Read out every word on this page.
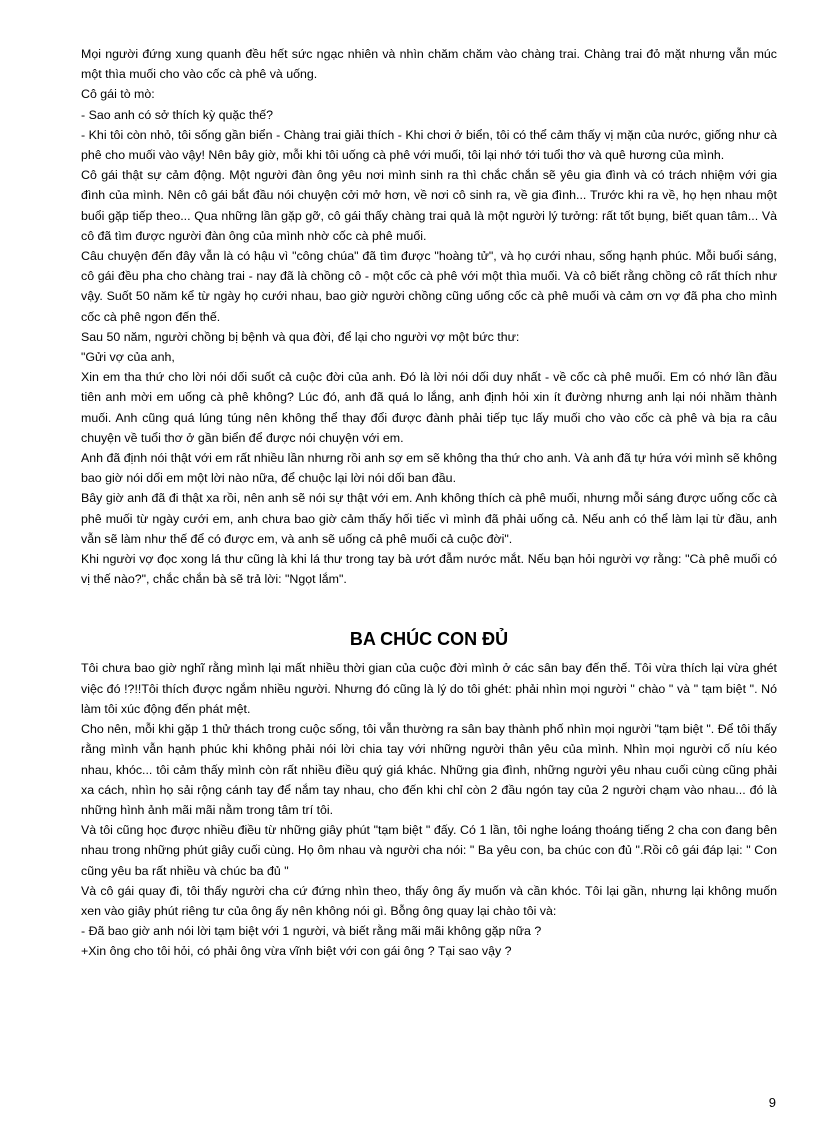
Mọi người đứng xung quanh đều hết sức ngạc nhiên và nhìn chăm chăm vào chàng trai. Chàng trai đỏ mặt nhưng vẫn múc một thìa muối cho vào cốc cà phê và uống.

Cô gái tò mò:

- Sao anh có sở thích kỳ quặc thế?

- Khi tôi còn nhỏ, tôi sống gần biển - Chàng trai giải thích - Khi chơi ở biển, tôi có thể cảm thấy vị mặn của nước, giống như cà phê cho muối vào vậy! Nên bây giờ, mỗi khi tôi uống cà phê với muối, tôi lại nhớ tới tuổi thơ và quê hương của mình.

Cô gái thật sự cảm động. Một người đàn ông yêu nơi mình sinh ra thì chắc chắn sẽ yêu gia đình và có trách nhiệm với gia đình của mình. Nên cô gái bắt đầu nói chuyện cởi mở hơn, về nơi cô sinh ra, về gia đình... Trước khi ra về, họ hẹn nhau một buổi gặp tiếp theo... Qua những lần gặp gỡ, cô gái thấy chàng trai quả là một người lý tưởng: rất tốt bụng, biết quan tâm... Và cô đã tìm được người đàn ông của mình nhờ cốc cà phê muối.

Câu chuyện đến đây vẫn là có hậu vì "công chúa" đã tìm được "hoàng tử", và họ cưới nhau, sống hạnh phúc. Mỗi buổi sáng, cô gái đều pha cho chàng trai - nay đã là chồng cô - một cốc cà phê với một thìa muối. Và cô biết rằng chồng cô rất thích như vậy. Suốt 50 năm kể từ ngày họ cưới nhau, bao giờ người chồng cũng uống cốc cà phê muối và cảm ơn vợ đã pha cho mình cốc cà phê ngon đến thế.

Sau 50 năm, người chồng bị bệnh và qua đời, để lại cho người vợ một bức thư:

"Gửi vợ của anh,

Xin em tha thứ cho lời nói dối suốt cả cuộc đời của anh. Đó là lời nói dối duy nhất - về cốc cà phê muối. Em có nhớ lần đầu tiên anh mời em uống cà phê không? Lúc đó, anh đã quá lo lắng, anh định hỏi xin ít đường nhưng anh lại nói nhầm thành muối. Anh cũng quá lúng túng nên không thể thay đổi được đành phải tiếp tục lấy muối cho vào cốc cà phê và bịa ra câu chuyện về tuổi thơ ở gần biển để được nói chuyện với em.

Anh đã định nói thật với em rất nhiều lần nhưng rồi anh sợ em sẽ không tha thứ cho anh. Và anh đã tự hứa với mình sẽ không bao giờ nói dối em một lời nào nữa, để chuộc lại lời nói dối ban đầu.

Bây giờ anh đã đi thật xa rồi, nên anh sẽ nói sự thật với em. Anh không thích cà phê muối, nhưng mỗi sáng được uống cốc cà phê muối từ ngày cưới em, anh chưa bao giờ cảm thấy hối tiếc vì mình đã phải uống cả. Nếu anh có thể làm lại từ đầu, anh vẫn sẽ làm như thế để có được em, và anh sẽ uống cả phê muối cả cuộc đời".

Khi người vợ đọc xong lá thư cũng là khi lá thư trong tay bà ướt đẫm nước mắt. Nếu bạn hỏi người vợ rằng: "Cà phê muối có vị thế nào?", chắc chắn bà sẽ trả lời: "Ngọt lắm".

BA CHÚC CON ĐỦ

Tôi chưa bao giờ nghĩ rằng mình lại mất nhiều thời gian của cuộc đời mình ở các sân bay đến thế. Tôi vừa thích lại vừa ghét việc đó !?!!Tôi thích được ngắm nhiều người. Nhưng đó cũng là lý do tôi ghét: phải nhìn mọi người " chào " và " tạm biệt ". Nó làm tôi xúc động đến phát mệt.

Cho nên, mỗi khi gặp 1 thử thách trong cuộc sống, tôi vẫn thường ra sân bay thành phố nhìn mọi người "tạm biệt ". Để tôi thấy rằng mình vẫn hạnh phúc khi không phải nói lời chia tay với những người thân yêu của mình. Nhìn mọi người cố níu kéo nhau, khóc... tôi cảm thấy mình còn rất nhiều điều quý giá khác. Những gia đình, những người yêu nhau cuối cùng cũng phải xa cách, nhìn họ sải rộng cánh tay để nắm tay nhau, cho đến khi chỉ còn 2 đầu ngón tay của 2 người chạm vào nhau... đó là những hình ảnh mãi mãi nằm trong tâm trí tôi.

Và tôi cũng học được nhiều điều từ những giây phút "tạm biệt " đấy. Có 1 lần, tôi nghe loáng thoáng tiếng 2 cha con đang bên nhau trong những phút giây cuối cùng. Họ ôm nhau và người cha nói: " Ba yêu con, ba chúc con đủ ".Rồi cô gái đáp lại: " Con cũng yêu ba rất nhiều và chúc ba đủ "

Và cô gái quay đi, tôi thấy người cha cứ đứng nhìn theo, thấy ông ấy muốn và cần khóc. Tôi lại gần, nhưng lại không muốn xen vào giây phút riêng tư của ông ấy nên không nói gì. Bỗng ông quay lại chào tôi và:

- Đã bao giờ anh nói lời tạm biệt với 1 người, và biết rằng mãi mãi không gặp nữa ?

+Xin ông cho tôi hỏi, có phải ông vừa vĩnh biệt với con gái ông ? Tại sao vậy ?

9
